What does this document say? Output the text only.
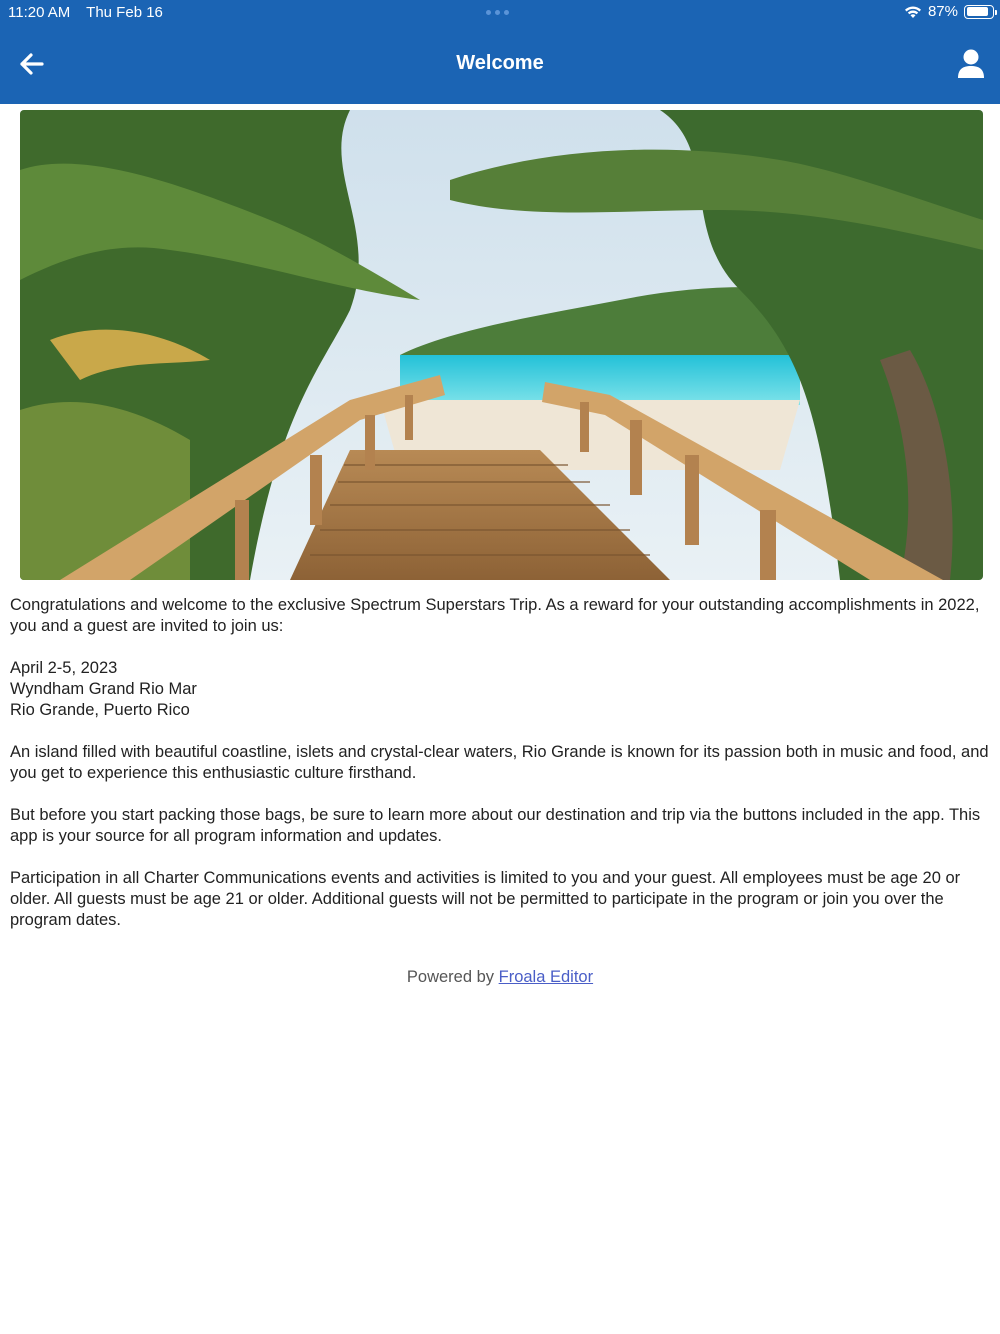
11:20 AM Thu Feb 16	87%
Welcome

Congratulations and welcome to the exclusive Spectrum Superstars Trip. As a reward for your outstanding accomplishments in 2022, you and a guest are invited to join us:

April 2-5, 2023
Wyndham Grand Rio Mar
Rio Grande, Puerto Rico

An island filled with beautiful coastline, islets and crystal-clear waters, Rio Grande is known for its passion both in music and food, and you get to experience this enthusiastic culture firsthand.

But before you start packing those bags, be sure to learn more about our destination and trip via the buttons included in the app. This app is your source for all program information and updates.

Participation in all Charter Communications events and activities is limited to you and your guest. All employees must be age 20 or older. All guests must be age 21 or older. Additional guests will not be permitted to participate in the program or join you over the program dates.

Powered by Froala Editor
